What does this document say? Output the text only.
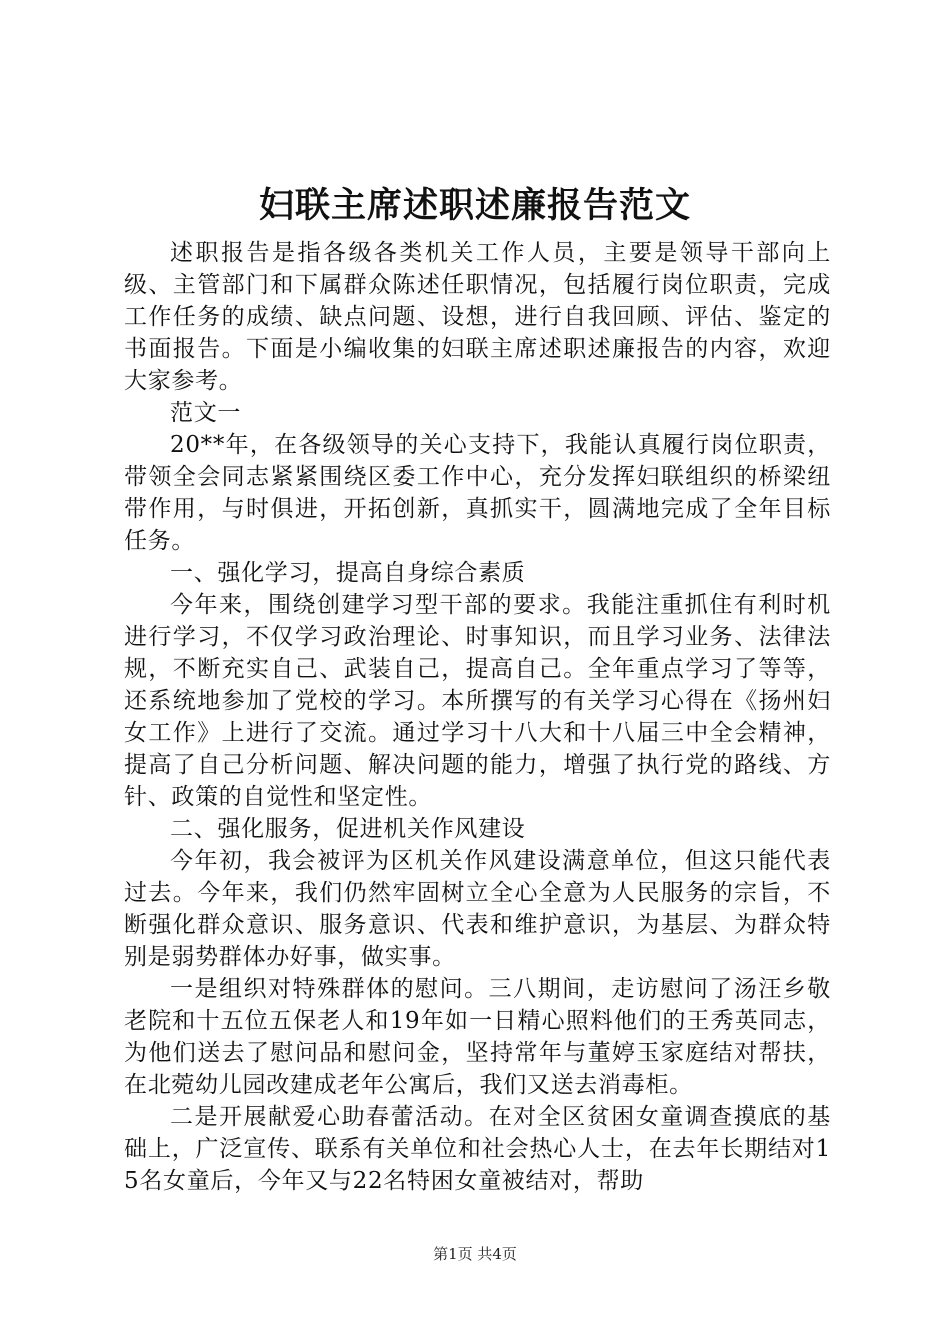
妇联主席述职述廉报告范文

述职报告是指各级各类机关工作人员，主要是领导干部向上级、主管部门和下属群众陈述任职情况，包括履行岗位职责，完成工作任务的成绩、缺点问题、设想，进行自我回顾、评估、鉴定的书面报告。下面是小编收集的妇联主席述职述廉报告的内容，欢迎大家参考。

范文一

20**年，在各级领导的关心支持下，我能认真履行岗位职责，带领全会同志紧紧围绕区委工作中心，充分发挥妇联组织的桥梁纽带作用，与时俱进，开拓创新，真抓实干，圆满地完成了全年目标任务。

一、强化学习，提高自身综合素质

今年来，围绕创建学习型干部的要求。我能注重抓住有利时机进行学习，不仅学习政治理论、时事知识，而且学习业务、法律法规，不断充实自己、武装自己，提高自己。全年重点学习了等等，还系统地参加了党校的学习。本所撰写的有关学习心得在《扬州妇女工作》上进行了交流。通过学习十八大和十八届三中全会精神，提高了自己分析问题、解决问题的能力，增强了执行党的路线、方针、政策的自觉性和坚定性。

二、强化服务，促进机关作风建设

今年初，我会被评为区机关作风建设满意单位，但这只能代表过去。今年来，我们仍然牢固树立全心全意为人民服务的宗旨，不断强化群众意识、服务意识、代表和维护意识，为基层、为群众特别是弱势群体办好事，做实事。

一是组织对特殊群体的慰问。三八期间，走访慰问了汤汪乡敬老院和十五位五保老人和19年如一日精心照料他们的王秀英同志，为他们送去了慰问品和慰问金，坚持常年与董婷玉家庭结对帮扶，在北菀幼儿园改建成老年公寓后，我们又送去消毒柜。

二是开展献爱心助春蕾活动。在对全区贫困女童调查摸底的基础上，广泛宣传、联系有关单位和社会热心人士，在去年长期结对15名女童后，今年又与22名特困女童被结对，帮助

第1页 共4页
